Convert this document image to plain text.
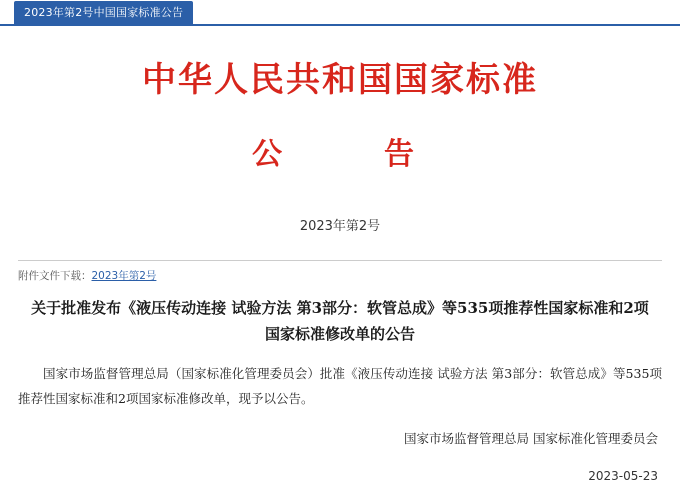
2023年第2号中国国家标准公告
中华人民共和国国家标准
公　　告
2023年第2号
附件文件下载：2023年第2号
关于批准发布《液压传动连接 试验方法 第3部分：软管总成》等535项推荐性国家标准和2项国家标准修改单的公告
国家市场监督管理总局（国家标准化管理委员会）批准《液压传动连接 试验方法 第3部分：软管总成》等535项推荐性国家标准和2项国家标准修改单，现予以公告。
国家市场监督管理总局 国家标准化管理委员会
2023-05-23
